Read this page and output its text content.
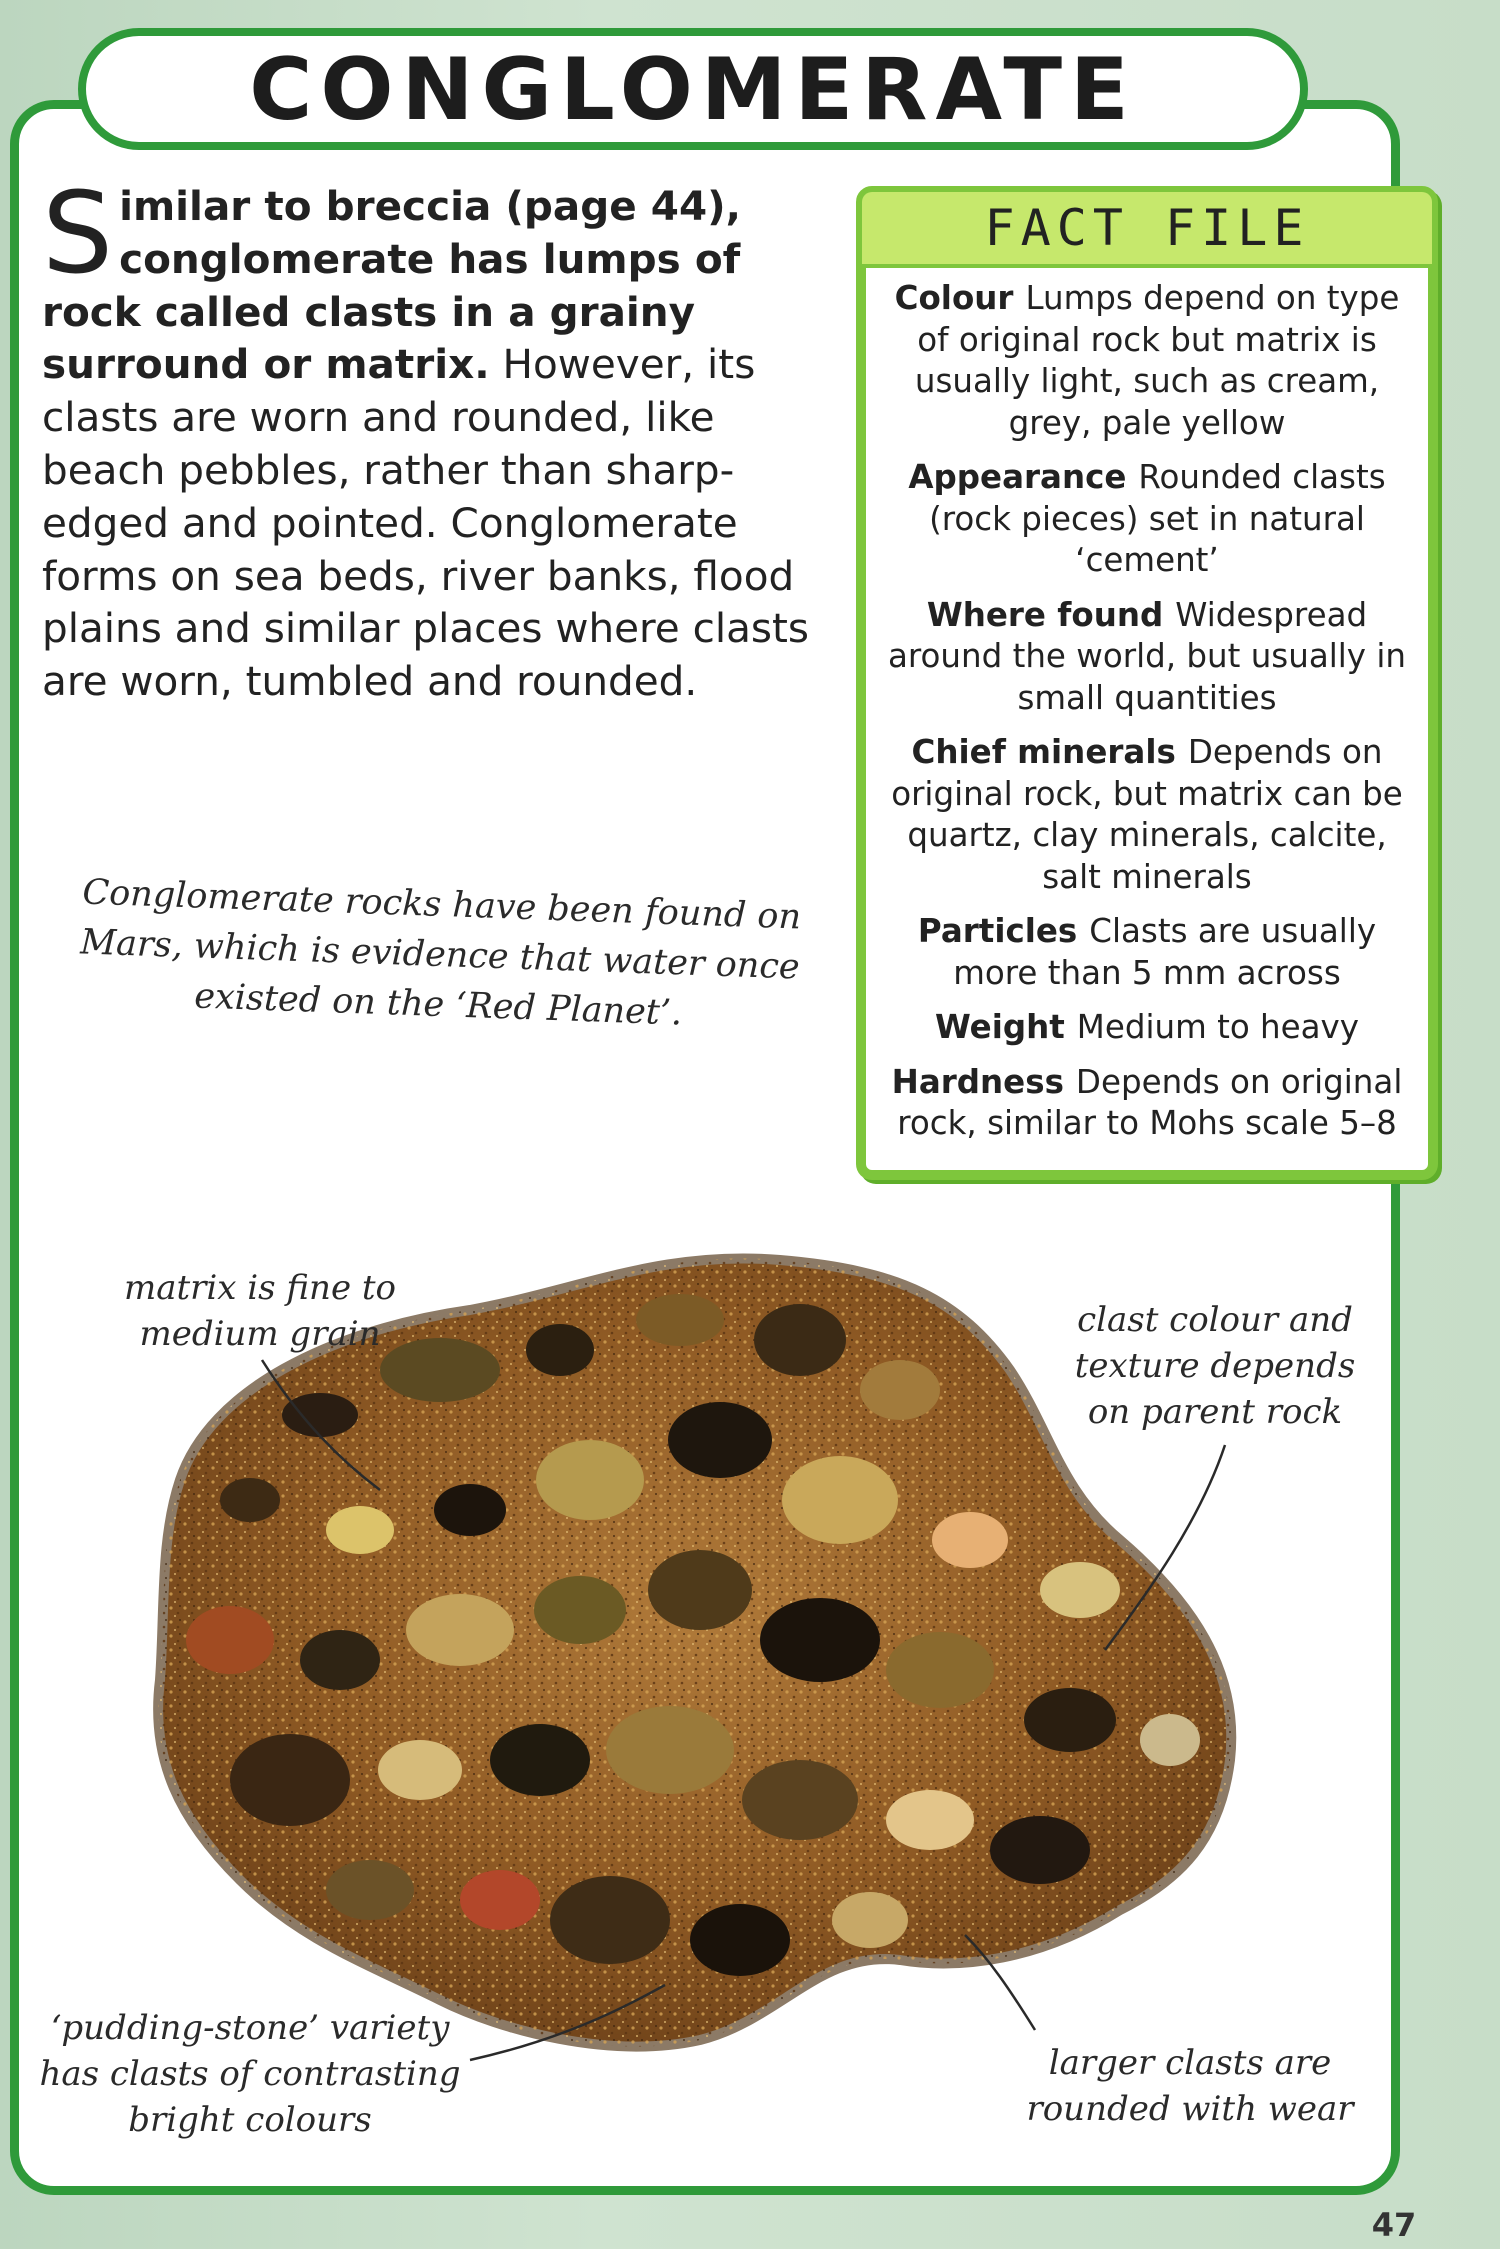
CONGLOMERATE
Similar to breccia (page 44), conglomerate has lumps of rock called clasts in a grainy surround or matrix. However, its clasts are worn and rounded, like beach pebbles, rather than sharp-edged and pointed. Conglomerate forms on sea beds, river banks, flood plains and similar places where clasts are worn, tumbled and rounded.
FACT FILE
Colour Lumps depend on type of original rock but matrix is usually light, such as cream, grey, pale yellow
Appearance Rounded clasts (rock pieces) set in natural ‘cement’
Where found Widespread around the world, but usually in small quantities
Chief minerals Depends on original rock, but matrix can be quartz, clay minerals, calcite, salt minerals
Particles Clasts are usually more than 5 mm across
Weight Medium to heavy
Hardness Depends on original rock, similar to Mohs scale 5–8
Conglomerate rocks have been found on Mars, which is evidence that water once existed on the ‘Red Planet’.
matrix is fine to medium grain	clast colour and texture depends on parent rock
‘pudding-stone’ variety has clasts of contrasting bright colours
larger clasts are rounded with wear
47
